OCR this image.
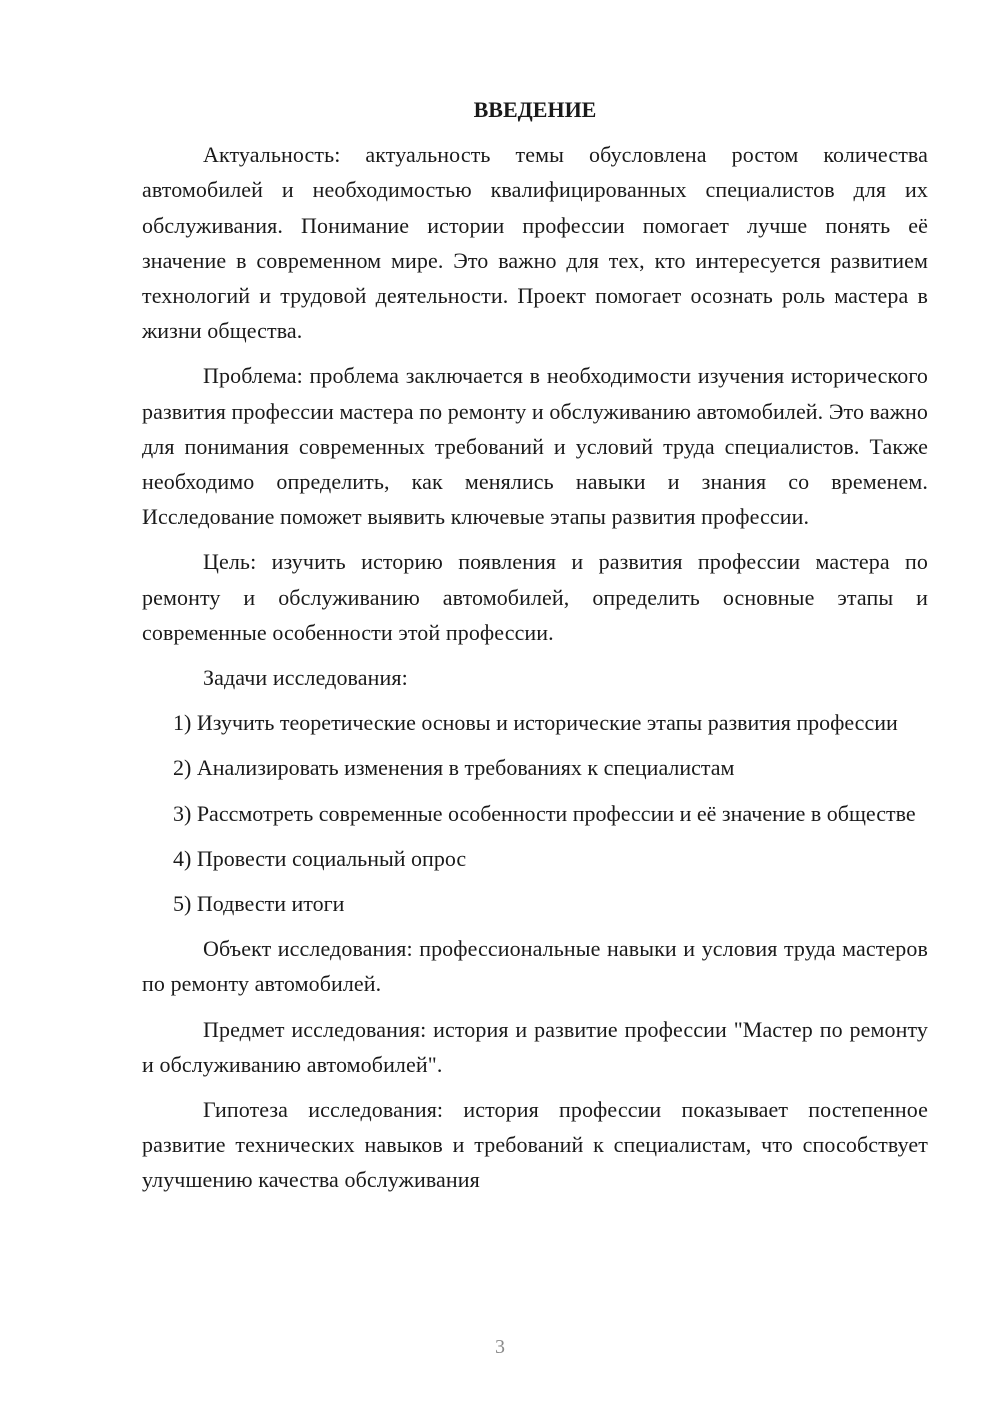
ВВЕДЕНИЕ

Актуальность: актуальность темы обусловлена ростом количества автомобилей и необходимостью квалифицированных специалистов для их обслуживания. Понимание истории профессии помогает лучше понять её значение в современном мире. Это важно для тех, кто интересуется развитием технологий и трудовой деятельности. Проект помогает осознать роль мастера в жизни общества.

Проблема: проблема заключается в необходимости изучения исторического развития профессии мастера по ремонту и обслуживанию автомобилей. Это важно для понимания современных требований и условий труда специалистов. Также необходимо определить, как менялись навыки и знания со временем. Исследование поможет выявить ключевые этапы развития профессии.

Цель: изучить историю появления и развития профессии мастера по ремонту и обслуживанию автомобилей, определить основные этапы и современные особенности этой профессии.

Задачи исследования:

1) Изучить теоретические основы и исторические этапы развития профессии

2) Анализировать изменения в требованиях к специалистам

3) Рассмотреть современные особенности профессии и её значение в обществе

4) Провести социальный опрос

5) Подвести итоги

Объект исследования: профессиональные навыки и условия труда мастеров по ремонту автомобилей.

Предмет исследования: история и развитие профессии "Мастер по ремонту и обслуживанию автомобилей".

Гипотеза исследования: история профессии показывает постепенное развитие технических навыков и требований к специалистам, что способствует улучшению качества обслуживания

3
